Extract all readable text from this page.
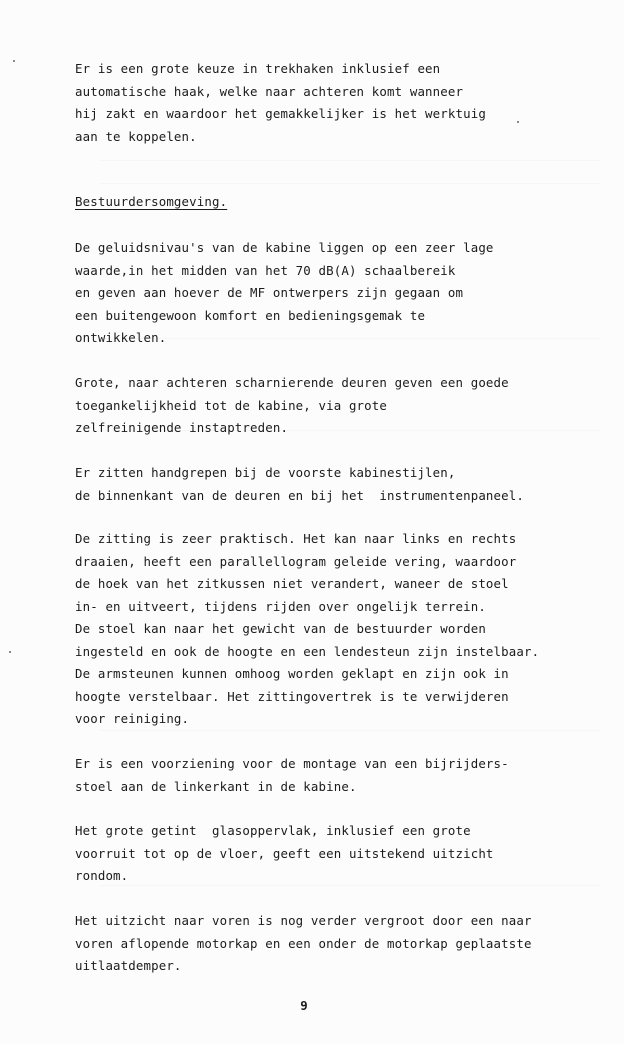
Er is een grote keuze in trekhaken inklusief een
automatische haak, welke naar achteren komt wanneer
hij zakt en waardoor het gemakkelijker is het werktuig
aan te koppelen.
Bestuurdersomgeving.
De geluidsnivau's van de kabine liggen op een zeer lage
waarde,in het midden van het 70 dB(A) schaalbereik
en geven aan hoever de MF ontwerpers zijn gegaan om
een buitengewoon komfort en bedieningsgemak te
ontwikkelen.
Grote, naar achteren scharnierende deuren geven een goede
toegankelijkheid tot de kabine, via grote
zelfreinigende instaptreden.
Er zitten handgrepen bij de voorste kabinestijlen,
de binnenkant van de deuren en bij het  instrumentenpaneel.
De zitting is zeer praktisch. Het kan naar links en rechts
draaien, heeft een parallellogram geleide vering, waardoor
de hoek van het zitkussen niet verandert, waneer de stoel
in- en uitveert, tijdens rijden over ongelijk terrein.
De stoel kan naar het gewicht van de bestuurder worden
ingesteld en ook de hoogte en een lendesteun zijn instelbaar.
De armsteunen kunnen omhoog worden geklapt en zijn ook in
hoogte verstelbaar. Het zittingovertrek is te verwijderen
voor reiniging.
Er is een voorziening voor de montage van een bijrijders-
stoel aan de linkerkant in de kabine.
Het grote getint  glasoppervlak, inklusief een grote
voorruit tot op de vloer, geeft een uitstekend uitzicht
rondom.
Het uitzicht naar voren is nog verder vergroot door een naar
voren aflopende motorkap en een onder de motorkap geplaatste
uitlaatdemper.
9
